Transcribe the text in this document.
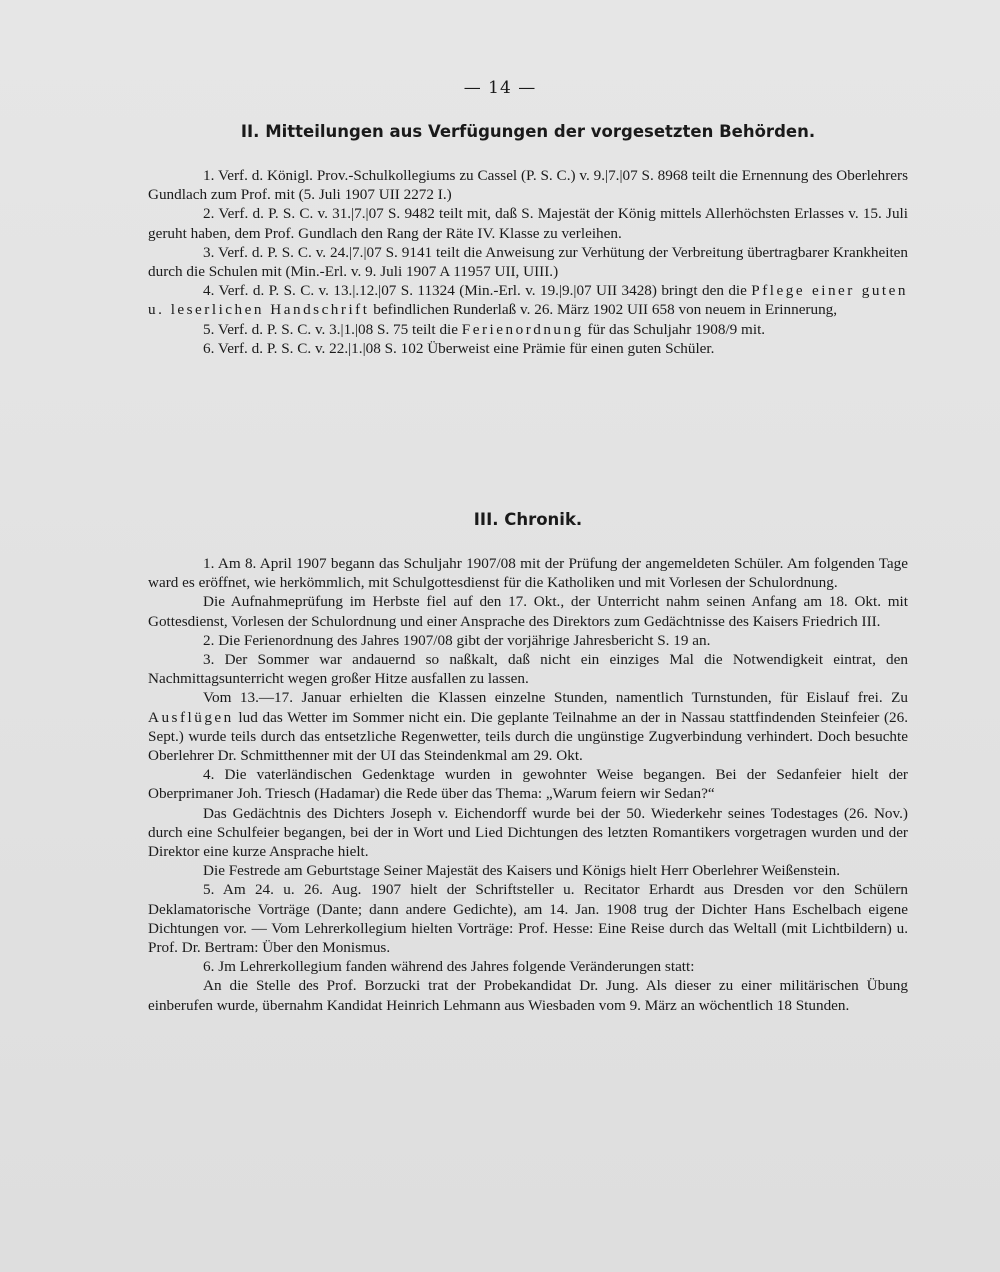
— 14 —
II. Mitteilungen aus Verfügungen der vorgesetzten Behörden.

1. Verf. d. Königl. Prov.-Schulkollegiums zu Cassel (P. S. C.) v. 9.|7.|07 S. 8968 teilt die Ernennung des Oberlehrers Gundlach zum Prof. mit (5. Juli 1907 UII 2272 I.)

2. Verf. d. P. S. C. v. 31.|7.|07 S. 9482 teilt mit, daß S. Majestät der König mittels Allerhöchsten Erlasses v. 15. Juli geruht haben, dem Prof. Gundlach den Rang der Räte IV. Klasse zu verleihen.

3. Verf. d. P. S. C. v. 24.|7.|07 S. 9141 teilt die Anweisung zur Verhütung der Verbreitung übertragbarer Krankheiten durch die Schulen mit (Min.-Erl. v. 9. Juli 1907 A 11957 UII, UIII.)

4. Verf. d. P. S. C. v. 13.|.12.|07 S. 11324 (Min.-Erl. v. 19.|9.|07 UII 3428) bringt den die Pflege einer guten u. leserlichen Handschrift befindlichen Runderlaß v. 26. März 1902 UII 658 von neuem in Erinnerung,

5. Verf. d. P. S. C. v. 3.|1.|08 S. 75 teilt die Ferienordnung für das Schuljahr 1908/9 mit.

6. Verf. d. P. S. C. v. 22.|1.|08 S. 102 Überweist eine Prämie für einen guten Schüler.

III. Chronik.

1. Am 8. April 1907 begann das Schuljahr 1907/08 mit der Prüfung der angemeldeten Schüler. Am folgenden Tage ward es eröffnet, wie herkömmlich, mit Schulgottesdienst für die Katholiken und mit Vorlesen der Schulordnung.

Die Aufnahmeprüfung im Herbste fiel auf den 17. Okt., der Unterricht nahm seinen Anfang am 18. Okt. mit Gottesdienst, Vorlesen der Schulordnung und einer Ansprache des Direktors zum Gedächtnisse des Kaisers Friedrich III.

2. Die Ferienordnung des Jahres 1907/08 gibt der vorjährige Jahresbericht S. 19 an.

3. Der Sommer war andauernd so naßkalt, daß nicht ein einziges Mal die Notwendigkeit eintrat, den Nachmittagsunterricht wegen großer Hitze ausfallen zu lassen.

Vom 13.—17. Januar erhielten die Klassen einzelne Stunden, namentlich Turnstunden, für Eislauf frei. Zu Ausflügen lud das Wetter im Sommer nicht ein. Die geplante Teilnahme an der in Nassau stattfindenden Steinfeier (26. Sept.) wurde teils durch das entsetzliche Regenwetter, teils durch die ungünstige Zugverbindung verhindert. Doch besuchte Oberlehrer Dr. Schmitthenner mit der UI das Steindenkmal am 29. Okt.

4. Die vaterländischen Gedenktage wurden in gewohnter Weise begangen. Bei der Sedanfeier hielt der Oberprimaner Joh. Triesch (Hadamar) die Rede über das Thema: „Warum feiern wir Sedan?“

Das Gedächtnis des Dichters Joseph v. Eichendorff wurde bei der 50. Wiederkehr seines Todestages (26. Nov.) durch eine Schulfeier begangen, bei der in Wort und Lied Dichtungen des letzten Romantikers vorgetragen wurden und der Direktor eine kurze Ansprache hielt.

Die Festrede am Geburtstage Seiner Majestät des Kaisers und Königs hielt Herr Oberlehrer Weißenstein.

5. Am 24. u. 26. Aug. 1907 hielt der Schriftsteller u. Recitator Erhardt aus Dresden vor den Schülern Deklamatorische Vorträge (Dante; dann andere Gedichte), am 14. Jan. 1908 trug der Dichter Hans Eschelbach eigene Dichtungen vor. — Vom Lehrerkollegium hielten Vorträge: Prof. Hesse: Eine Reise durch das Weltall (mit Lichtbildern) u. Prof. Dr. Bertram: Über den Monismus.

6. Jm Lehrerkollegium fanden während des Jahres folgende Veränderungen statt:

An die Stelle des Prof. Borzucki trat der Probekandidat Dr. Jung. Als dieser zu einer militärischen Übung einberufen wurde, übernahm Kandidat Heinrich Lehmann aus Wiesbaden vom 9. März an wöchentlich 18 Stunden.
